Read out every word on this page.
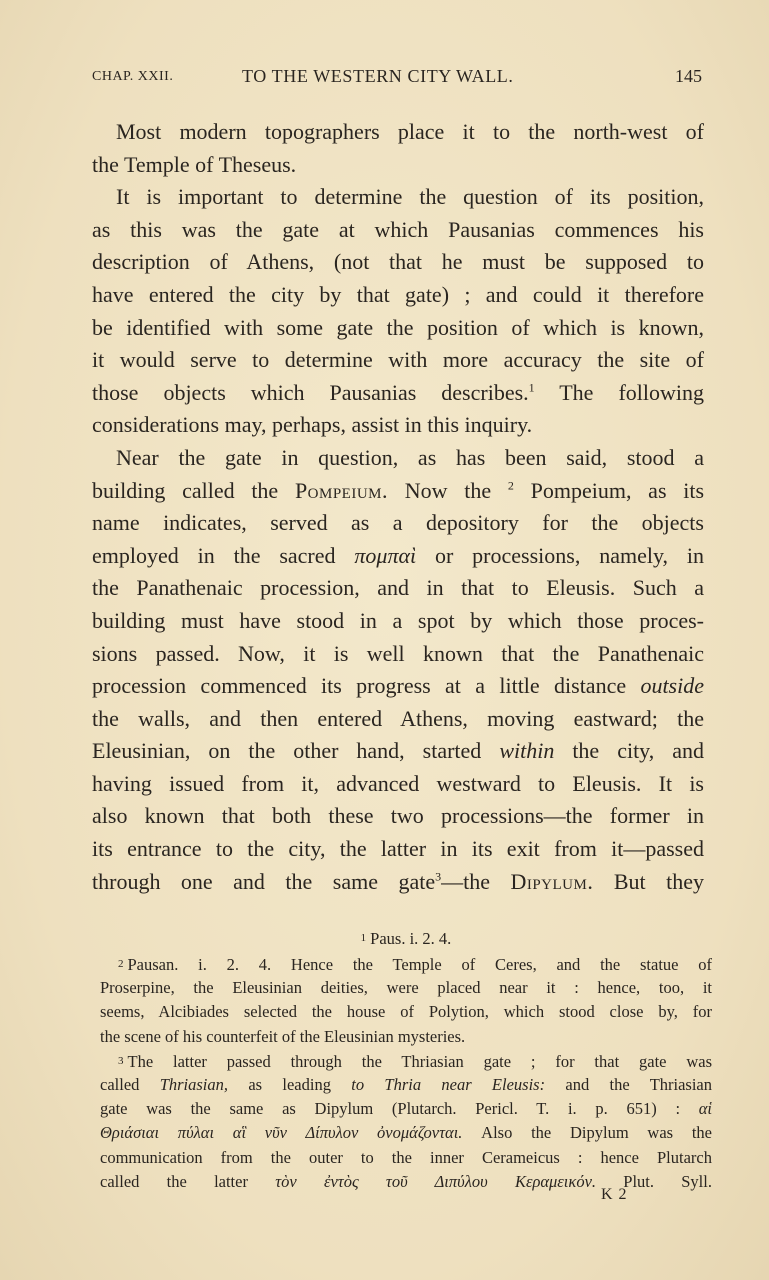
CHAP. XXII.	TO THE WESTERN CITY WALL.	145
Most modern topographers place it to the north-west of
the Temple of Theseus.
It is important to determine the question of its position,
as this was the gate at which Pausanias commences his
description of Athens, (not that he must be supposed to
have entered the city by that gate) ; and could it therefore
be identified with some gate the position of which is known,
it would serve to determine with more accuracy the site of
those objects which Pausanias describes.$^1$ The following
considerations may, perhaps, assist in this inquiry.
Near the gate in question, as has been said, stood a
building called the Pompeium. Now the $^2$ Pompeium, as its
name indicates, served as a depository for the objects
employed in the sacred πομπαὶ or processions, namely, in
the Panathenaic procession, and in that to Eleusis. Such a
building must have stood in a spot by which those proces-
sions passed. Now, it is well known that the Panathenaic
procession commenced its progress at a little distance outside
the walls, and then entered Athens, moving eastward; the
Eleusinian, on the other hand, started within the city, and
having issued from it, advanced westward to Eleusis. It is
also known that both these two processions—the former in
its entrance to the city, the latter in its exit from it—passed
through one and the same gate$^3$—the Dipylum. But they
1 Paus. i. 2. 4.
2 Pausan. i. 2. 4. Hence the Temple of Ceres, and the statue of
Proserpine, the Eleusinian deities, were placed near it : hence, too, it
seems, Alcibiades selected the house of Polytion, which stood close by, for
the scene of his counterfeit of the Eleusinian mysteries.
3 The latter passed through the Thriasian gate ; for that gate was
called Thriasian, as leading to Thria near Eleusis: and the Thriasian
gate was the same as Dipylum (Plutarch. Pericl. T. i. p. 651) : αἱ
Θριάσιαι πύλαι αἳ νῦν Δίπυλον ὀνομάζονται. Also the Dipylum was the
communication from the outer to the inner Cerameicus : hence Plutarch
called the latter τὸν ἐντὸς τοῦ Διπύλου Κεραμεικόν. Plut. Syll.
K 2
